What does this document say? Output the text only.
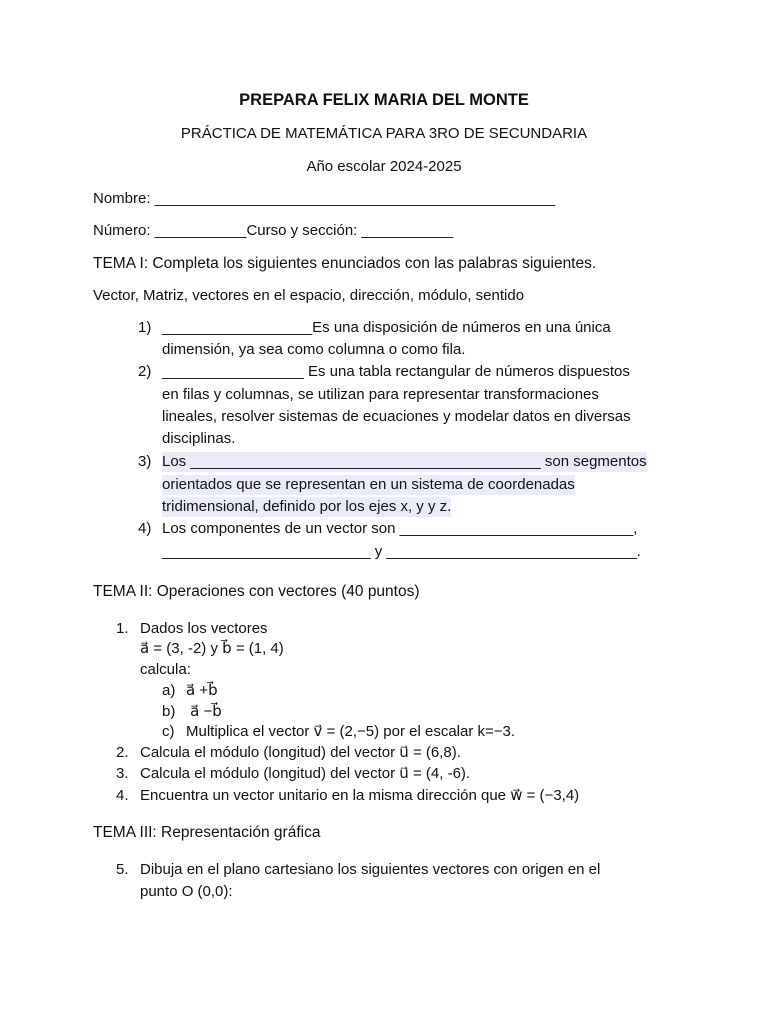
PREPARA FELIX MARIA DEL MONTE
PRÁCTICA DE MATEMÁTICA PARA 3RO DE SECUNDARIA
Año escolar 2024-2025
Nombre: ________________________________________________
Número: ___________Curso y sección: ___________
TEMA I: Completa los siguientes enunciados con las palabras siguientes.
Vector, Matriz, vectores en el espacio, dirección, módulo, sentido
1) __________________Es una disposición de números en una única
dimensión, ya sea como columna o como fila.
2) _________________ Es una tabla rectangular de números dispuestos
en filas y columnas, se utilizan para representar transformaciones
lineales, resolver sistemas de ecuaciones y modelar datos en diversas
disciplinas.
3) Los __________________________________________ son segmentos
orientados que se representan en un sistema de coordenadas
tridimensional, definido por los ejes x, y y z.
4) Los componentes de un vector son ____________________________,
_________________________ y ______________________________.
TEMA II: Operaciones con vectores (40 puntos)
1. Dados los vectores
a⃗ = (3, -2) y b⃗ = (1, 4)
calcula:
a) a⃗ +b⃗
b) a⃗ −b⃗
c) Multiplica el vector v⃗ = (2,−5) por el escalar k=−3.
2. Calcula el módulo (longitud) del vector u⃗ = (6,8).
3. Calcula el módulo (longitud) del vector u⃗ = (4, -6).
4. Encuentra un vector unitario en la misma dirección que w⃗ = (−3,4)
TEMA III: Representación gráfica
5. Dibuja en el plano cartesiano los siguientes vectores con origen en el
punto O (0,0):
